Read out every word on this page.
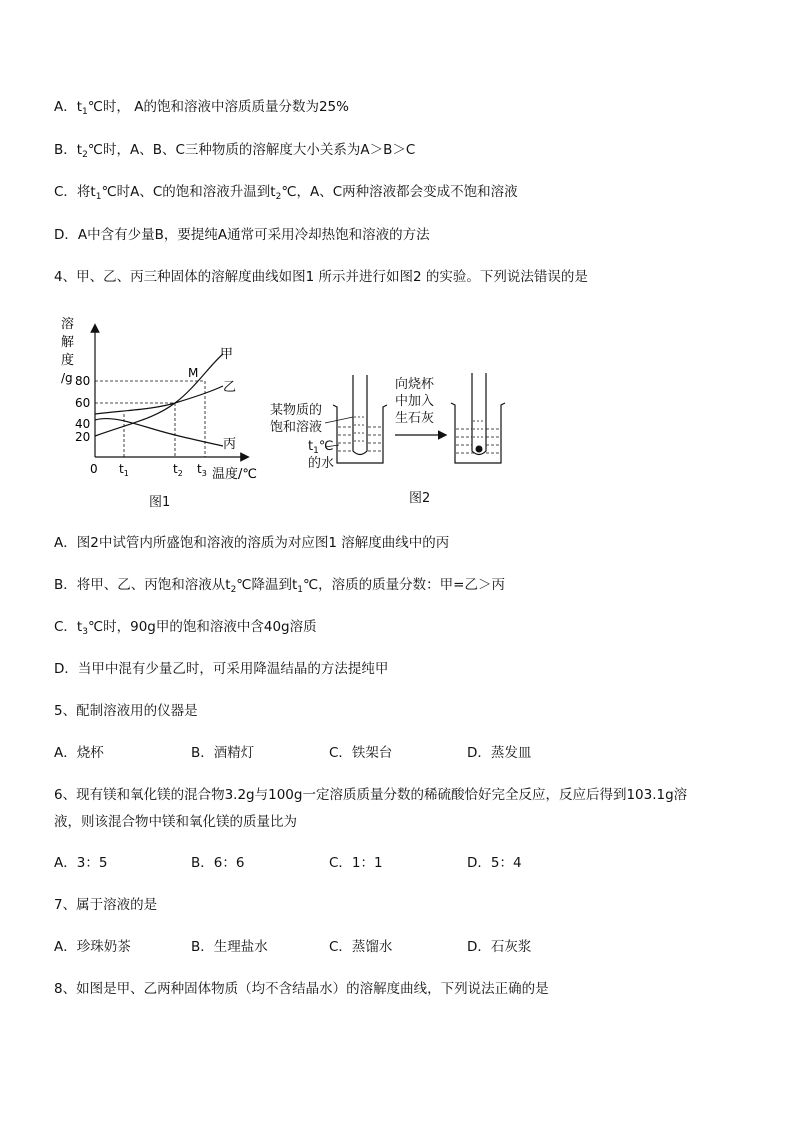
A．$t_1℃$时， A的饱和溶液中溶质质量分数为25%
B．$t_2℃$时，A、B、C三种物质的溶解度大小关系为A＞B＞C
C．将$t_1℃$时A、C的饱和溶液升温到$t_2℃$，A、C两种溶液都会变成不饱和溶液
D．A中含有少量B，要提纯A通常可采用冷却热饱和溶液的方法
4、甲、乙、丙三种固体的溶解度曲线如图1 所示并进行如图2 的实验。下列说法错误的是
溶
解
度
/g 80
60
40
20
0 $t_1$	$t_2$ $t_3$ 温度/℃
M
甲
乙
丙
图1
某物质的
饱和溶液
$t_1℃$
的水
向烧杯
中加入
生石灰
图2
A．图2中试管内所盛饱和溶液的溶质为对应图1 溶解度曲线中的丙
B．将甲、乙、丙饱和溶液从$t_2℃$降温到$t_1℃$，溶质的质量分数：甲=乙＞丙
C．$t_3℃$时，90g甲的饱和溶液中含40g溶质
D．当甲中混有少量乙时，可采用降温结晶的方法提纯甲
5、配制溶液用的仪器是
A．烧杯	B．酒精灯	C．铁架台	D．蒸发皿
6、现有镁和氧化镁的混合物3.2g与100g一定溶质质量分数的稀硫酸恰好完全反应，反应后得到103.1g溶
液，则该混合物中镁和氧化镁的质量比为
A．3：5	B．6：6	C．1：1	D．5：4
7、属于溶液的是
A．珍珠奶茶	B．生理盐水	C．蒸馏水	D．石灰浆
8、如图是甲、乙两种固体物质（均不含结晶水）的溶解度曲线，下列说法正确的是
